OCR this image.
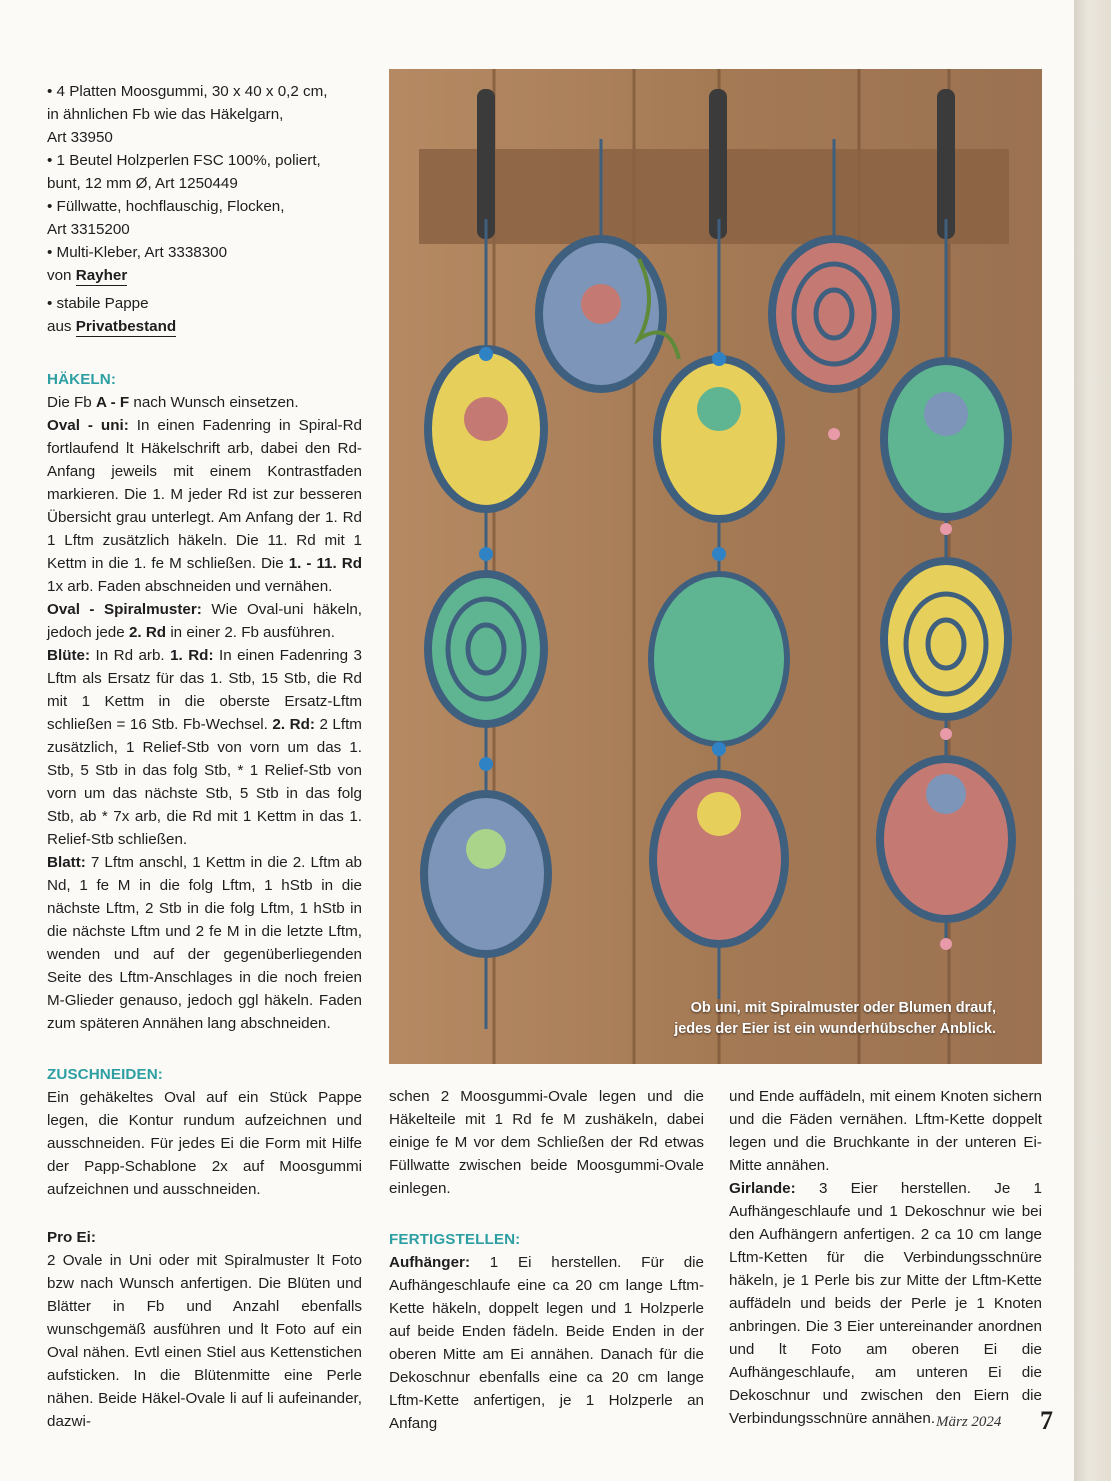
• 4 Platten Moosgummi, 30 x 40 x 0,2 cm,

in ähnlichen Fb wie das Häkelgarn,

Art 33950

• 1 Beutel Holzperlen FSC 100%, poliert,

bunt, 12 mm Ø, Art 1250449

• Füllwatte, hochflauschig, Flocken,

Art 3315200

• Multi-Kleber, Art 3338300

von Rayher

• stabile Pappe

aus Privatbestand

HÄKELN:

Die Fb A - F nach Wunsch einsetzen.

Oval - uni: In einen Fadenring in Spiral-Rd fortlaufend lt Häkelschrift arb, dabei den Rd-Anfang jeweils mit einem Kontrastfaden markieren. Die 1. M jeder Rd ist zur besseren Übersicht grau unterlegt. Am Anfang der 1. Rd 1 Lftm zusätzlich häkeln. Die 11. Rd mit 1 Kettm in die 1. fe M schließen. Die 1. - 11. Rd 1x arb. Faden abschneiden und vernähen.

Oval - Spiralmuster: Wie Oval-uni häkeln, jedoch jede 2. Rd in einer 2. Fb ausführen.

Blüte: In Rd arb. 1. Rd: In einen Fadenring 3 Lftm als Ersatz für das 1. Stb, 15 Stb, die Rd mit 1 Kettm in die oberste Ersatz-Lftm schließen = 16 Stb. Fb-Wechsel. 2. Rd: 2 Lftm zusätzlich, 1 Relief-Stb von vorn um das 1. Stb, 5 Stb in das folg Stb, * 1 Relief-Stb von vorn um das nächste Stb, 5 Stb in das folg Stb, ab * 7x arb, die Rd mit 1 Kettm in das 1. Relief-Stb schließen.

Blatt: 7 Lftm anschl, 1 Kettm in die 2. Lftm ab Nd, 1 fe M in die folg Lftm, 1 hStb in die nächste Lftm, 2 Stb in die folg Lftm, 1 hStb in die nächste Lftm und 2 fe M in die letzte Lftm, wenden und auf der gegenüberliegenden Seite des Lftm-Anschlages in die noch freien M-Glieder genauso, jedoch ggl häkeln. Faden zum späteren Annähen lang abschneiden.

ZUSCHNEIDEN:

Ein gehäkeltes Oval auf ein Stück Pappe legen, die Kontur rundum aufzeichnen und ausschneiden. Für jedes Ei die Form mit Hilfe der Papp-Schablone 2x auf Moosgummi aufzeichnen und ausschneiden.

Pro Ei:

2 Ovale in Uni oder mit Spiralmuster lt Foto bzw nach Wunsch anfertigen. Die Blüten und Blätter in Fb und Anzahl ebenfalls wunschgemäß ausführen und lt Foto auf ein Oval nähen. Evtl einen Stiel aus Kettenstichen aufsticken. In die Blütenmitte eine Perle nähen. Beide Häkel-Ovale li auf li aufeinander, dazwi-

Ob uni, mit Spiralmuster oder Blumen drauf,
jedes der Eier ist ein wunderhübscher Anblick.

schen 2 Moosgummi-Ovale legen und die Häkelteile mit 1 Rd fe M zushäkeln, dabei einige fe M vor dem Schließen der Rd etwas Füllwatte zwischen beide Moosgummi-Ovale einlegen.

FERTIGSTELLEN:

Aufhänger: 1 Ei herstellen. Für die Aufhängeschlaufe eine ca 20 cm lange Lftm-Kette häkeln, doppelt legen und 1 Holzperle auf beide Enden fädeln. Beide Enden in der oberen Mitte am Ei annähen. Danach für die Dekoschnur ebenfalls eine ca 20 cm lange Lftm-Kette anfertigen, je 1 Holzperle an Anfang

und Ende auffädeln, mit einem Knoten sichern und die Fäden vernähen. Lftm-Kette doppelt legen und die Bruchkante in der unteren Ei-Mitte annähen.

Girlande: 3 Eier herstellen. Je 1 Aufhängeschlaufe und 1 Dekoschnur wie bei den Aufhängern anfertigen. 2 ca 10 cm lange Lftm-Ketten für die Verbindungsschnüre häkeln, je 1 Perle bis zur Mitte der Lftm-Kette auffädeln und beids der Perle je 1 Knoten anbringen. Die 3 Eier untereinander anordnen und lt Foto am oberen Ei die Aufhängeschlaufe, am unteren Ei die Dekoschnur und zwischen den Eiern die Verbindungsschnüre annähen. März 2024 7
